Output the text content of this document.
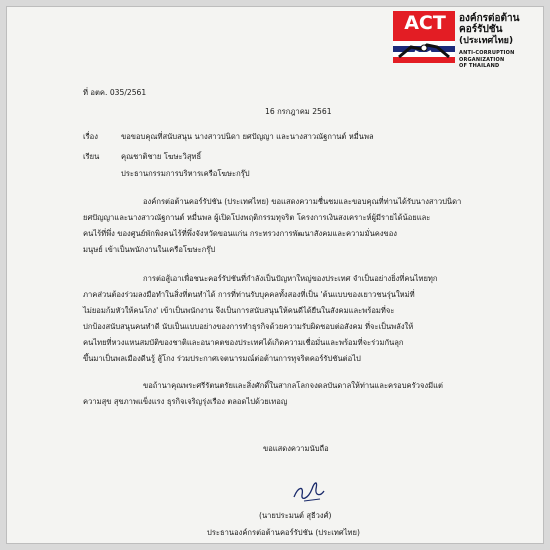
ACT	องค์กรต่อต้าน
คอร์รัปชัน
(ประเทศไทย)
ANTI-CORRUPTION
ORGANIZATION
OF THAILAND
ที่ อตค. 035/2561
16 กรกฎาคม 2561
เรื่อง	ขอขอบคุณที่สนับสนุน นางสาวปนิดา ยศปัญญา และนางสาวณัฐกานต์ หมื่นพล
เรียน	คุณชาติชาย โฆษะวิสุทธิ์
ประธานกรรมการบริหารเครือโฆษะกรุ๊ป
องค์กรต่อต้านคอร์รัปชัน (ประเทศไทย) ขอแสดงความชื่นชมและขอบคุณที่ท่านได้รับนางสาวปนิดา
ยศปัญญาและนางสาวณัฐกานต์ หมื่นพล ผู้เปิดโปงพฤติกรรมทุจริต โครงการเงินสงเคราะห์ผู้มีรายได้น้อยและ
คนไร้ที่พึ่ง ของศูนย์พักพิงคนไร้ที่พึ่งจังหวัดขอนแก่น กระทรวงการพัฒนาสังคมและความมั่นคงของ
มนุษย์ เข้าเป็นพนักงานในเครือโฆษะกรุ๊ป
การต่อสู้เอาเพื่อชนะคอร์รัปชันที่กำลังเป็นปัญหาใหญ่ของประเทศ จำเป็นอย่างยิ่งที่คนไทยทุก
ภาคส่วนต้องร่วมลงมือทำในสิ่งที่ตนทำได้ การที่ท่านรับบุคคลทั้งสองที่เป็น 'ต้นแบบของเยาวชนรุ่นใหม่ที่
ไม่ยอมก้มหัวให้คนโกง' เข้าเป็นพนักงาน จึงเป็นการสนับสนุนให้คนดีได้ยืนในสังคมและพร้อมที่จะ
ปกป้องสนับสนุนคนทำดี นับเป็นแบบอย่างของการทำธุรกิจด้วยความรับผิดชอบต่อสังคม ที่จะเป็นพลังให้
คนไทยที่หวงแหนสมบัติของชาติและอนาคตของประเทศได้เกิดความเชื่อมั่นและพร้อมที่จะร่วมกันลุก
ขึ้นมาเป็นพลเมืองดีนรู้ สู้โกง ร่วมประกาศเจตนารมณ์ต่อต้านการทุจริตคอร์รัปชันต่อไป
ขอถ้านาคุณพระศรีรัตนตรัยและสิ่งศักดิ์ในสากลโลกจงดลบันดาลให้ท่านและครอบครัวจงมีแต่
ความสุข สุขภาพแข็งแรง ธุรกิจเจริญรุ่งเรือง ตลอดไปด้วยเทอญ
ขอแสดงความนับถือ
(นายประมนต์ สุธีวงศ์)
ประธานองค์กรต่อต้านคอร์รัปชัน (ประเทศไทย)
